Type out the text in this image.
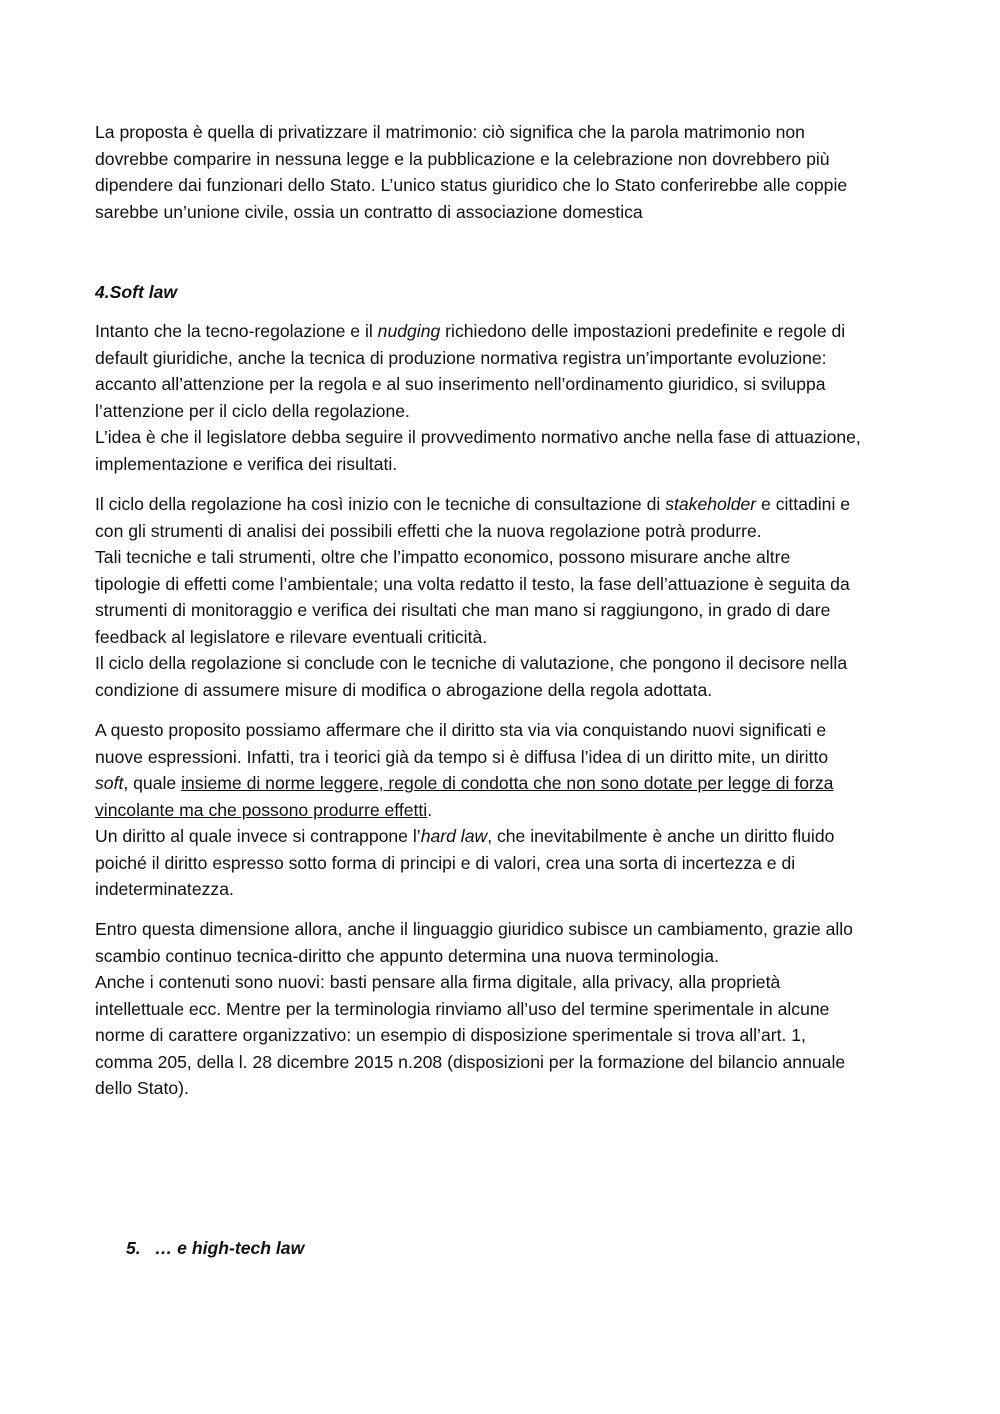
La proposta è quella di privatizzare il matrimonio: ciò significa che la parola matrimonio non
dovrebbe comparire in nessuna legge e la pubblicazione e la celebrazione non dovrebbero più
dipendere dai funzionari dello Stato. L’unico status giuridico che lo Stato conferirebbe alle coppie
sarebbe un’unione civile, ossia un contratto di associazione domestica
4.Soft law
Intanto che la tecno-regolazione e il nudging richiedono delle impostazioni predefinite e regole di
default giuridiche, anche la tecnica di produzione normativa registra un’importante evoluzione:
accanto all’attenzione per la regola e al suo inserimento nell’ordinamento giuridico, si sviluppa
l’attenzione per il ciclo della regolazione.
L’idea è che il legislatore debba seguire il provvedimento normativo anche nella fase di attuazione,
implementazione e verifica dei risultati.
Il ciclo della regolazione ha così inizio con le tecniche di consultazione di stakeholder e cittadini e
con gli strumenti di analisi dei possibili effetti che la nuova regolazione potrà produrre.
Tali tecniche e tali strumenti, oltre che l’impatto economico, possono misurare anche altre
tipologie di effetti come l’ambientale; una volta redatto il testo, la fase dell’attuazione è seguita da
strumenti di monitoraggio e verifica dei risultati che man mano si raggiungono, in grado di dare
feedback al legislatore e rilevare eventuali criticità.
Il ciclo della regolazione si conclude con le tecniche di valutazione, che pongono il decisore nella
condizione di assumere misure di modifica o abrogazione della regola adottata.
A questo proposito possiamo affermare che il diritto sta via via conquistando nuovi significati e
nuove espressioni. Infatti, tra i teorici già da tempo si è diffusa l’idea di un diritto mite, un diritto
soft, quale insieme di norme leggere, regole di condotta che non sono dotate per legge di forza
vincolante ma che possono produrre effetti.
Un diritto al quale invece si contrappone l’hard law, che inevitabilmente è anche un diritto fluido
poiché il diritto espresso sotto forma di principi e di valori, crea una sorta di incertezza e di
indeterminatezza.
Entro questa dimensione allora, anche il linguaggio giuridico subisce un cambiamento, grazie allo
scambio continuo tecnica-diritto che appunto determina una nuova terminologia.
Anche i contenuti sono nuovi: basti pensare alla firma digitale, alla privacy, alla proprietà
intellettuale ecc. Mentre per la terminologia rinviamo all’uso del termine sperimentale in alcune
norme di carattere organizzativo: un esempio di disposizione sperimentale si trova all’art. 1,
comma 205, della l. 28 dicembre 2015 n.208 (disposizioni per la formazione del bilancio annuale
dello Stato).
5. … e high-tech law
